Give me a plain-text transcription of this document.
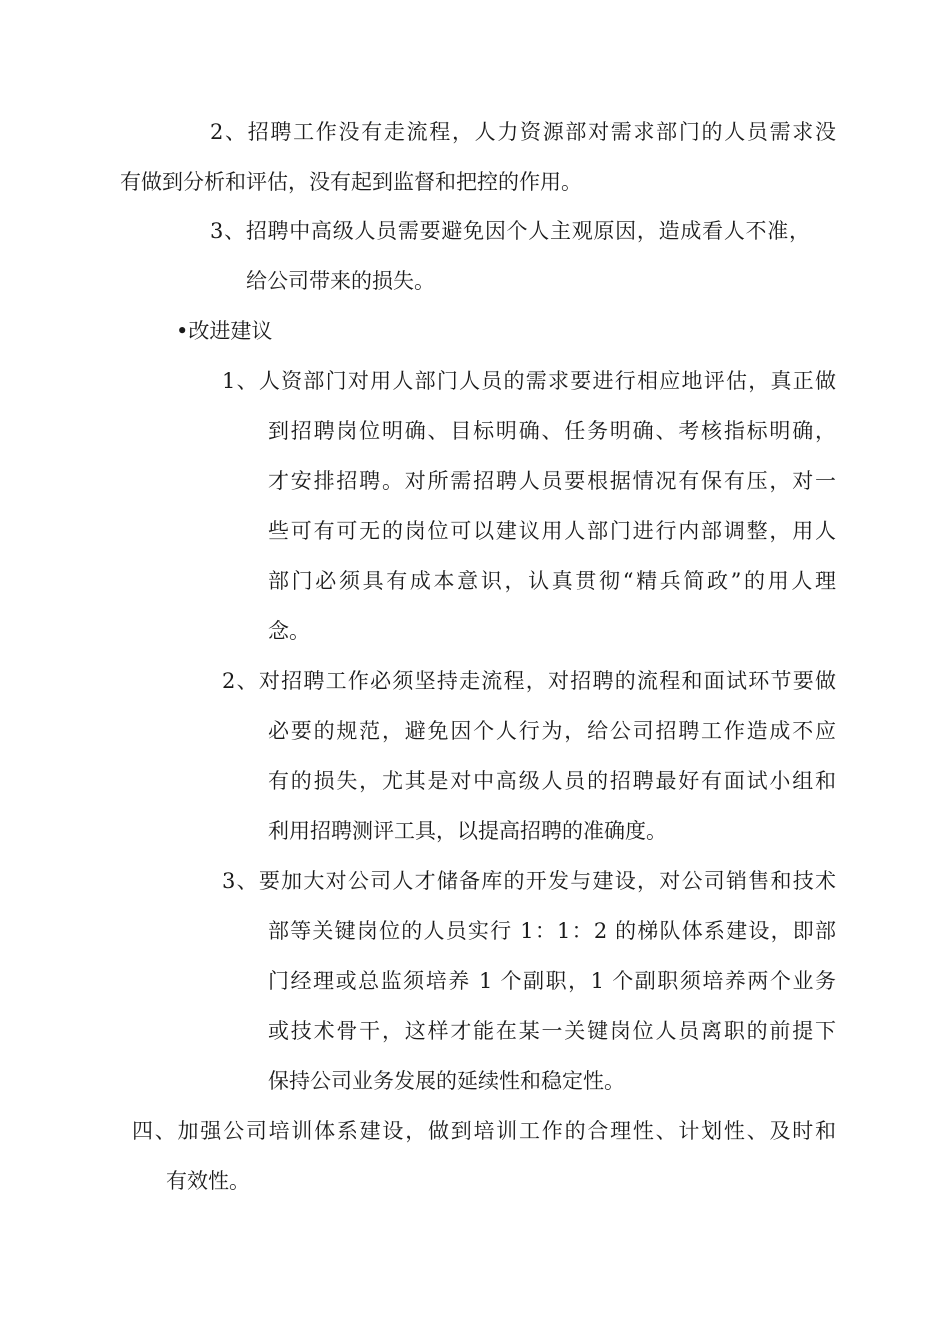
2、招聘工作没有走流程，人力资源部对需求部门的人员需求没
有做到分析和评估，没有起到监督和把控的作用。
3、招聘中高级人员需要避免因个人主观原因，造成看人不准，
给公司带来的损失。
•改进建议
1、人资部门对用人部门人员的需求要进行相应地评估，真正做
到招聘岗位明确、目标明确、任务明确、考核指标明确，
才安排招聘。对所需招聘人员要根据情况有保有压，对一
些可有可无的岗位可以建议用人部门进行内部调整，用人
部门必须具有成本意识，认真贯彻“精兵简政”的用人理
念。
2、对招聘工作必须坚持走流程，对招聘的流程和面试环节要做
必要的规范，避免因个人行为，给公司招聘工作造成不应
有的损失，尤其是对中高级人员的招聘最好有面试小组和
利用招聘测评工具，以提高招聘的准确度。
3、要加大对公司人才储备库的开发与建设，对公司销售和技术
部等关键岗位的人员实行 1：1：2 的梯队体系建设，即部
门经理或总监须培养 1 个副职，1 个副职须培养两个业务
或技术骨干，这样才能在某一关键岗位人员离职的前提下
保持公司业务发展的延续性和稳定性。
四、加强公司培训体系建设，做到培训工作的合理性、计划性、及时和
有效性。
